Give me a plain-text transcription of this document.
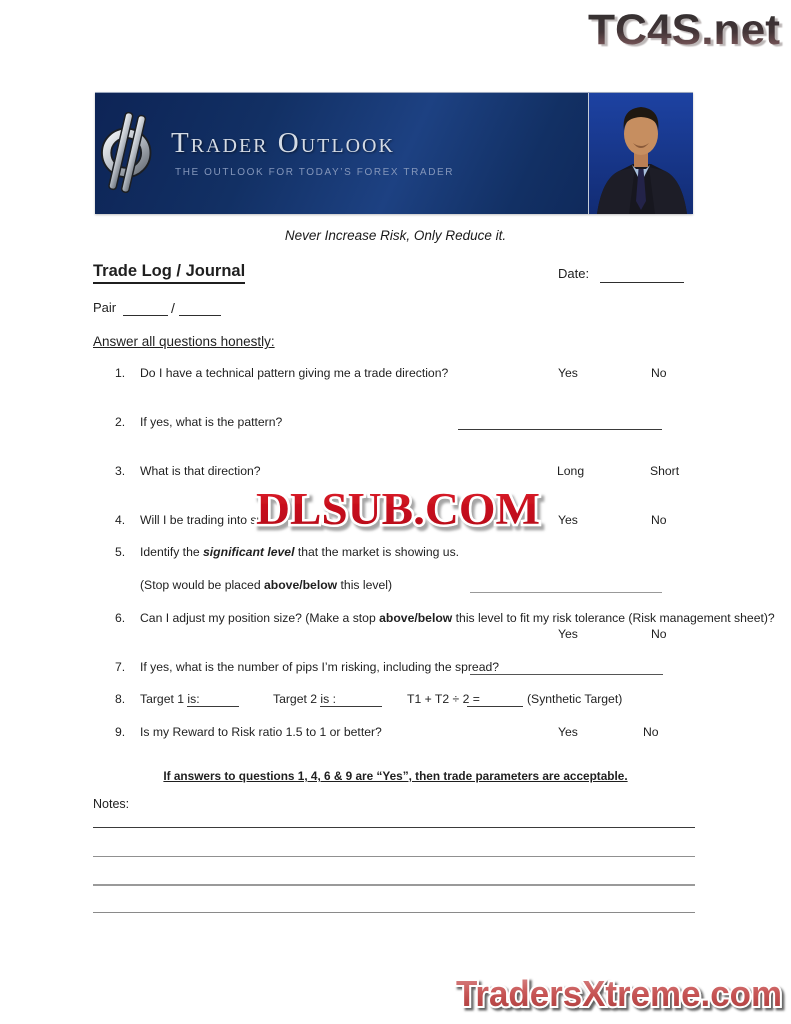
TC4S.net
Trader Outlook
THE OUTLOOK FOR TODAY’S FOREX TRADER
Never Increase Risk, Only Reduce it.
Trade Log / Journal	Date:
Pair	/
Answer all questions honestly:
1. Do I have a technical pattern giving me a trade direction?	Yes	No
2. If yes, what is the pattern?
3. What is that direction?	Long	Short
4. Will I be trading into spa	Yes	No
5. Identify the significant level that the market is showing us.
(Stop would be placed above/below this level)
6. Can I adjust my position size? (Make a stop above/below this level to fit my risk tolerance (Risk management sheet)?
Yes	No
7. If yes, what is the number of pips I’m risking, including the spread?
8. Target 1 is:	Target 2 is :	T1 + T2 ÷ 2 =	(Synthetic Target)
9. Is my Reward to Risk ratio 1.5 to 1 or better?	Yes	No
If answers to questions 1, 4, 6 & 9 are “Yes”, then trade parameters are acceptable.
Notes:
DLSUB.COM
TradersXtreme.com
